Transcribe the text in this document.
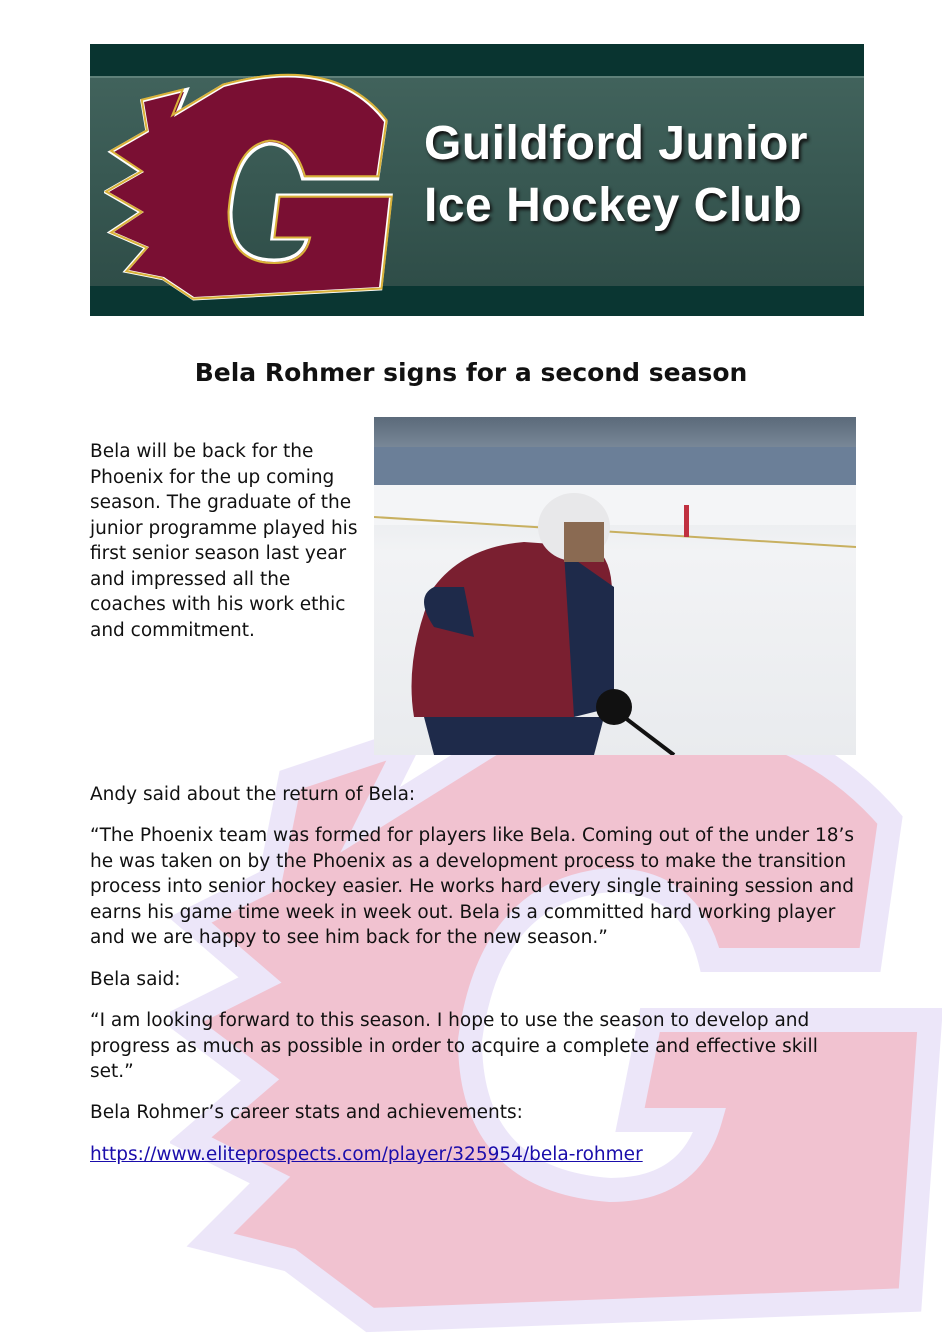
Guildford Junior
Ice Hockey Club
Bela Rohmer signs for a second season
Bela will be back for the Phoenix for the up coming season. The graduate of the junior programme played his first senior season last year and impressed all the coaches with his work ethic and commitment.
Andy said about the return of Bela:
“The Phoenix team was formed for players like Bela. Coming out of the under 18’s he was taken on by the Phoenix as a development process to make the transition process into senior hockey easier. He works hard every single training session and earns his game time week in week out. Bela is a committed hard working player and we are happy to see him back for the new season.”
Bela said:
“I am looking forward to this season. I hope to use the season to develop and progress as much as possible in order to acquire a complete and effective skill set.”
Bela Rohmer’s career stats and achievements:
https://www.eliteprospects.com/player/325954/bela-rohmer
